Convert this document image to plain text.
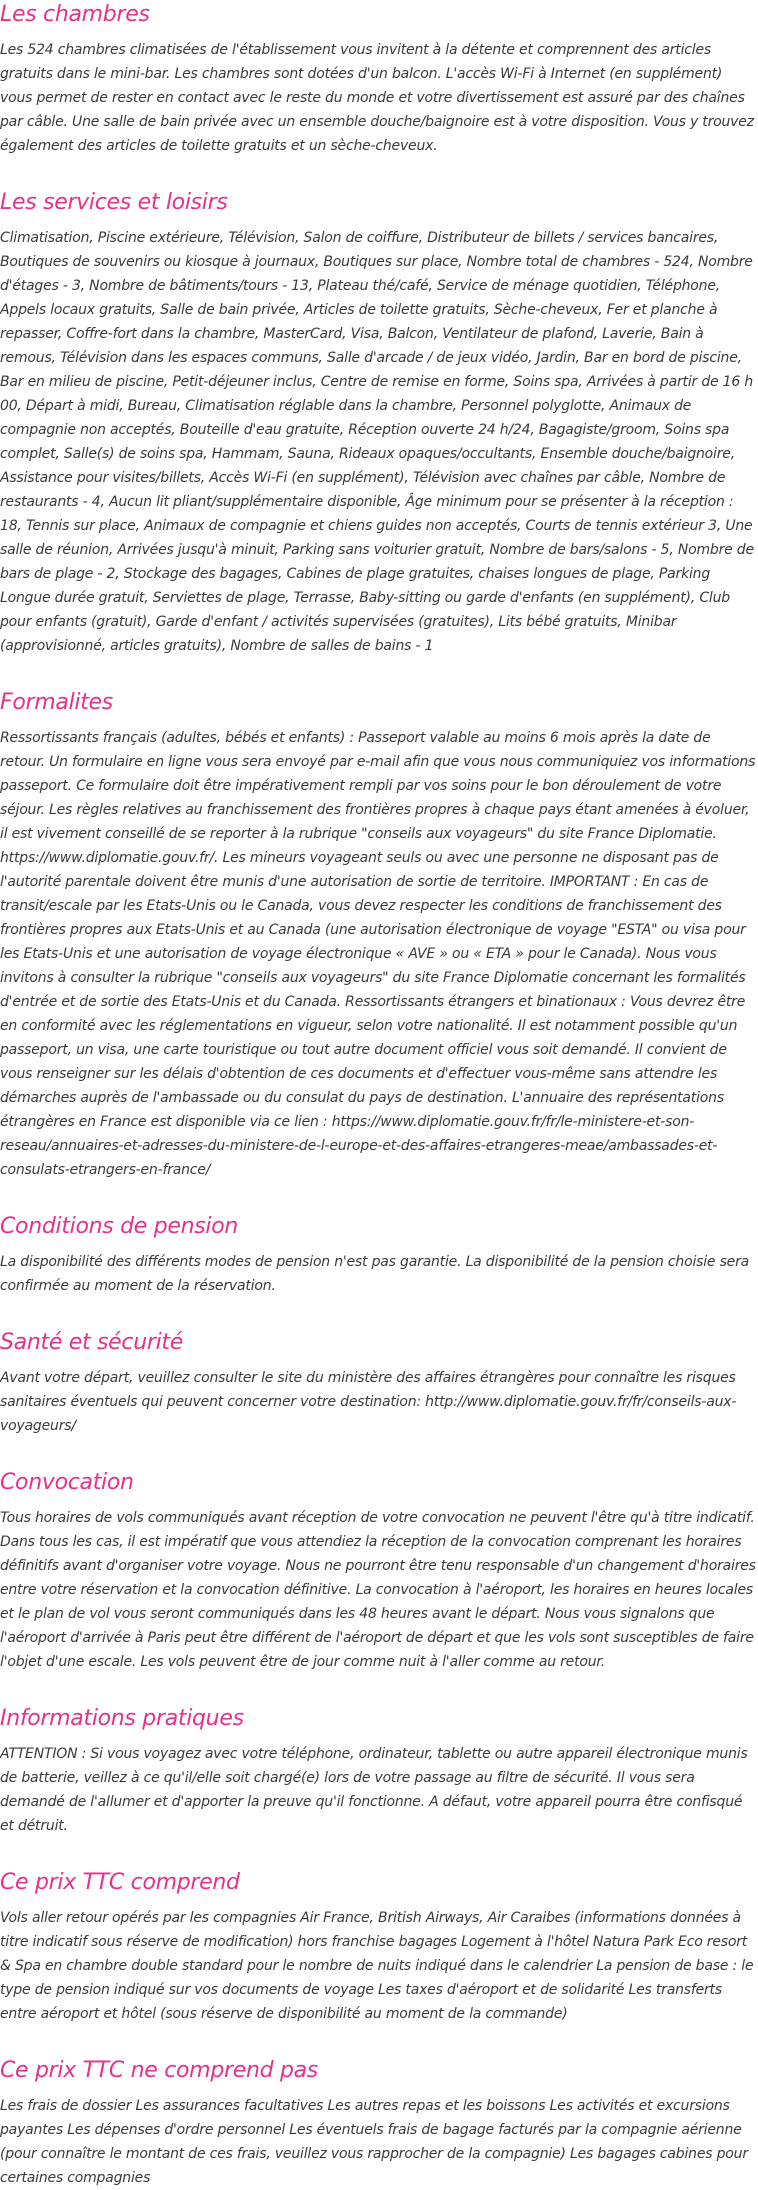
Les chambres

Les 524 chambres climatisées de l'établissement vous invitent à la détente et comprennent des articles gratuits dans le mini-bar. Les chambres sont dotées d'un balcon. L'accès Wi-Fi à Internet (en supplément) vous permet de rester en contact avec le reste du monde et votre divertissement est assuré par des chaînes par câble. Une salle de bain privée avec un ensemble douche/baignoire est à votre disposition. Vous y trouvez également des articles de toilette gratuits et un sèche-cheveux.

Les services et loisirs

Climatisation, Piscine extérieure, Télévision, Salon de coiffure, Distributeur de billets / services bancaires, Boutiques de souvenirs ou kiosque à journaux, Boutiques sur place, Nombre total de chambres - 524, Nombre d'étages - 3, Nombre de bâtiments/tours - 13, Plateau thé/café, Service de ménage quotidien, Téléphone, Appels locaux gratuits, Salle de bain privée, Articles de toilette gratuits, Sèche-cheveux, Fer et planche à repasser, Coffre-fort dans la chambre, MasterCard, Visa, Balcon, Ventilateur de plafond, Laverie, Bain à remous, Télévision dans les espaces communs, Salle d'arcade / de jeux vidéo, Jardin, Bar en bord de piscine, Bar en milieu de piscine, Petit-déjeuner inclus, Centre de remise en forme, Soins spa, Arrivées à partir de 16 h 00, Départ à midi, Bureau, Climatisation réglable dans la chambre, Personnel polyglotte, Animaux de compagnie non acceptés, Bouteille d'eau gratuite, Réception ouverte 24 h/24, Bagagiste/groom, Soins spa complet, Salle(s) de soins spa, Hammam, Sauna, Rideaux opaques/occultants, Ensemble douche/baignoire, Assistance pour visites/billets, Accès Wi-Fi (en supplément), Télévision avec chaînes par câble, Nombre de restaurants - 4, Aucun lit pliant/supplémentaire disponible, Âge minimum pour se présenter à la réception : 18, Tennis sur place, Animaux de compagnie et chiens guides non acceptés, Courts de tennis extérieur 3, Une salle de réunion, Arrivées jusqu'à minuit, Parking sans voiturier gratuit, Nombre de bars/salons - 5, Nombre de bars de plage - 2, Stockage des bagages, Cabines de plage gratuites, chaises longues de plage, Parking Longue durée gratuit, Serviettes de plage, Terrasse, Baby-sitting ou garde d'enfants (en supplément), Club pour enfants (gratuit), Garde d'enfant / activités supervisées (gratuites), Lits bébé gratuits, Minibar (approvisionné, articles gratuits), Nombre de salles de bains - 1

Formalites

Ressortissants français (adultes, bébés et enfants) : Passeport valable au moins 6 mois après la date de retour. Un formulaire en ligne vous sera envoyé par e-mail afin que vous nous communiquiez vos informations passeport. Ce formulaire doit être impérativement rempli par vos soins pour le bon déroulement de votre séjour. Les règles relatives au franchissement des frontières propres à chaque pays étant amenées à évoluer, il est vivement conseillé de se reporter à la rubrique "conseils aux voyageurs" du site France Diplomatie. https://www.diplomatie.gouv.fr/. Les mineurs voyageant seuls ou avec une personne ne disposant pas de l'autorité parentale doivent être munis d'une autorisation de sortie de territoire. IMPORTANT : En cas de transit/escale par les Etats-Unis ou le Canada, vous devez respecter les conditions de franchissement des frontières propres aux Etats-Unis et au Canada (une autorisation électronique de voyage "ESTA" ou visa pour les Etats-Unis et une autorisation de voyage électronique « AVE » ou « ETA » pour le Canada). Nous vous invitons à consulter la rubrique "conseils aux voyageurs" du site France Diplomatie concernant les formalités d'entrée et de sortie des Etats-Unis et du Canada. Ressortissants étrangers et binationaux : Vous devrez être en conformité avec les réglementations en vigueur, selon votre nationalité. Il est notamment possible qu'un passeport, un visa, une carte touristique ou tout autre document officiel vous soit demandé. Il convient de vous renseigner sur les délais d'obtention de ces documents et d'effectuer vous-même sans attendre les démarches auprès de l'ambassade ou du consulat du pays de destination. L'annuaire des représentations étrangères en France est disponible via ce lien : https://www.diplomatie.gouv.fr/fr/le-ministere-et-son-reseau/annuaires-et-adresses-du-ministere-de-l-europe-et-des-affaires-etrangeres-meae/ambassades-et-consulats-etrangers-en-france/

Conditions de pension

La disponibilité des différents modes de pension n'est pas garantie. La disponibilité de la pension choisie sera confirmée au moment de la réservation.

Santé et sécurité

Avant votre départ, veuillez consulter le site du ministère des affaires étrangères pour connaître les risques sanitaires éventuels qui peuvent concerner votre destination: http://www.diplomatie.gouv.fr/fr/conseils-aux-voyageurs/

Convocation

Tous horaires de vols communiqués avant réception de votre convocation ne peuvent l'être qu'à titre indicatif. Dans tous les cas, il est impératif que vous attendiez la réception de la convocation comprenant les horaires définitifs avant d'organiser votre voyage. Nous ne pourront être tenu responsable d'un changement d'horaires entre votre réservation et la convocation définitive. La convocation à l'aéroport, les horaires en heures locales et le plan de vol vous seront communiqués dans les 48 heures avant le départ. Nous vous signalons que l'aéroport d'arrivée à Paris peut être différent de l'aéroport de départ et que les vols sont susceptibles de faire l'objet d'une escale. Les vols peuvent être de jour comme nuit à l'aller comme au retour.

Informations pratiques

ATTENTION : Si vous voyagez avec votre téléphone, ordinateur, tablette ou autre appareil électronique munis de batterie, veillez à ce qu'il/elle soit chargé(e) lors de votre passage au filtre de sécurité. Il vous sera demandé de l'allumer et d'apporter la preuve qu'il fonctionne. A défaut, votre appareil pourra être confisqué et détruit.

Ce prix TTC comprend

Vols aller retour opérés par les compagnies Air France, British Airways, Air Caraibes (informations données à titre indicatif sous réserve de modification) hors franchise bagages Logement à l'hôtel Natura Park Eco resort & Spa en chambre double standard pour le nombre de nuits indiqué dans le calendrier La pension de base : le type de pension indiqué sur vos documents de voyage Les taxes d'aéroport et de solidarité Les transferts entre aéroport et hôtel (sous réserve de disponibilité au moment de la commande)

Ce prix TTC ne comprend pas

Les frais de dossier Les assurances facultatives Les autres repas et les boissons Les activités et excursions payantes Les dépenses d'ordre personnel Les éventuels frais de bagage facturés par la compagnie aérienne (pour connaître le montant de ces frais, veuillez vous rapprocher de la compagnie) Les bagages cabines pour certaines compagnies
